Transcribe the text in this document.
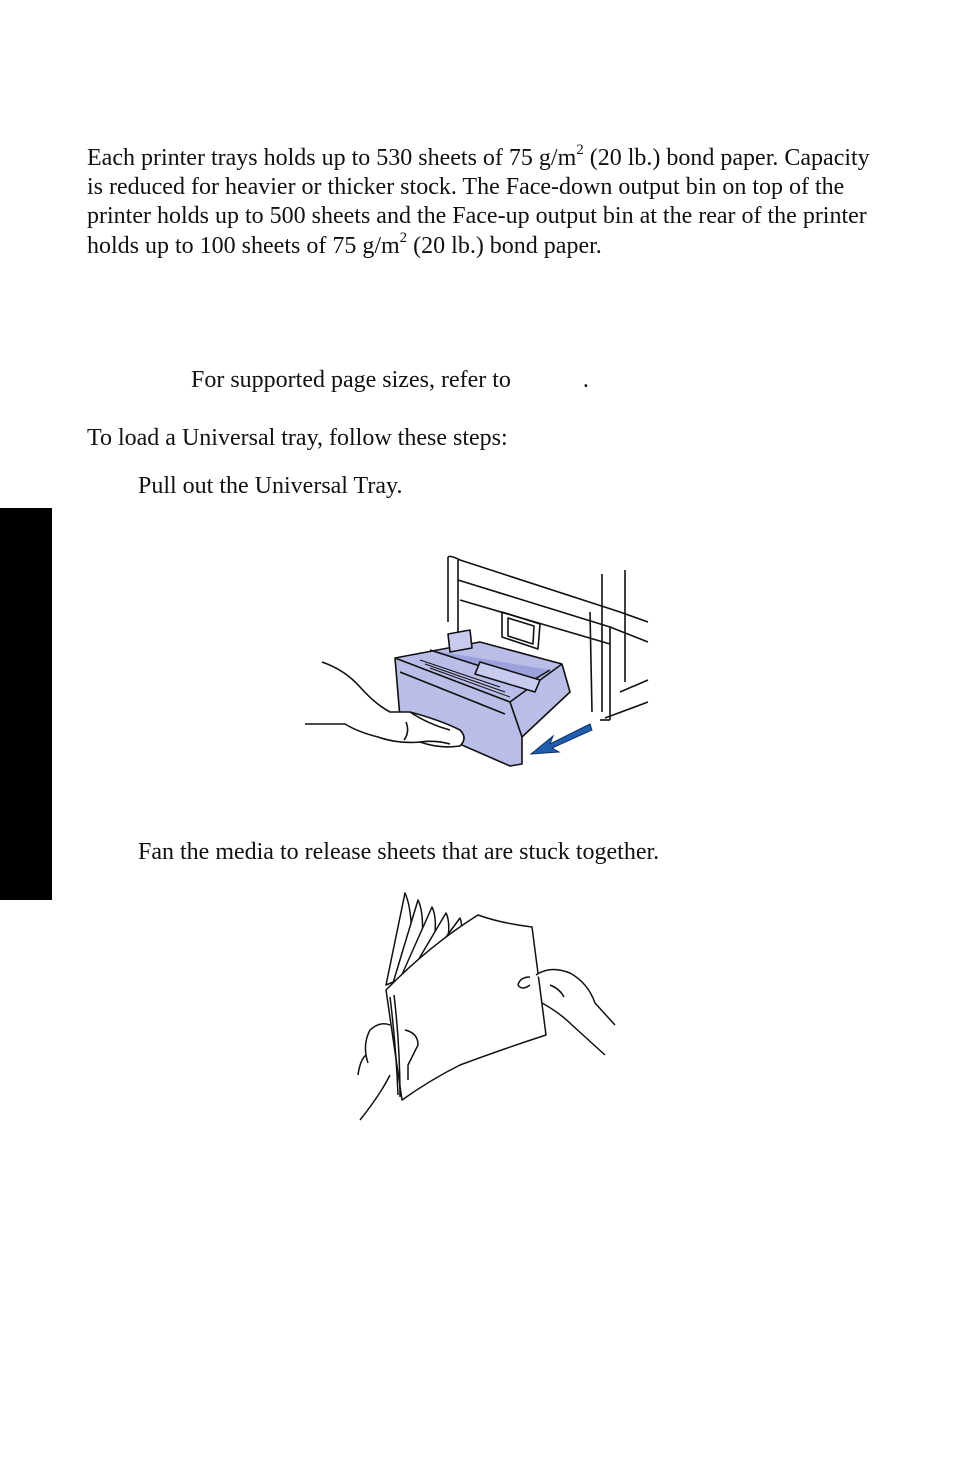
Each printer trays holds up to 530 sheets of 75 $g/m^2$ (20 lb.) bond paper. Capacity is reduced for heavier or thicker stock. The Face-down output bin on top of the printer holds up to 500 sheets and the Face-up output bin at the rear of the printer holds up to 100 sheets of 75 $g/m^2$ (20 lb.) bond paper.

For supported page sizes, refer to	.

To load a Universal tray, follow these steps:

Pull out the Universal Tray.

Fan the media to release sheets that are stuck together.
